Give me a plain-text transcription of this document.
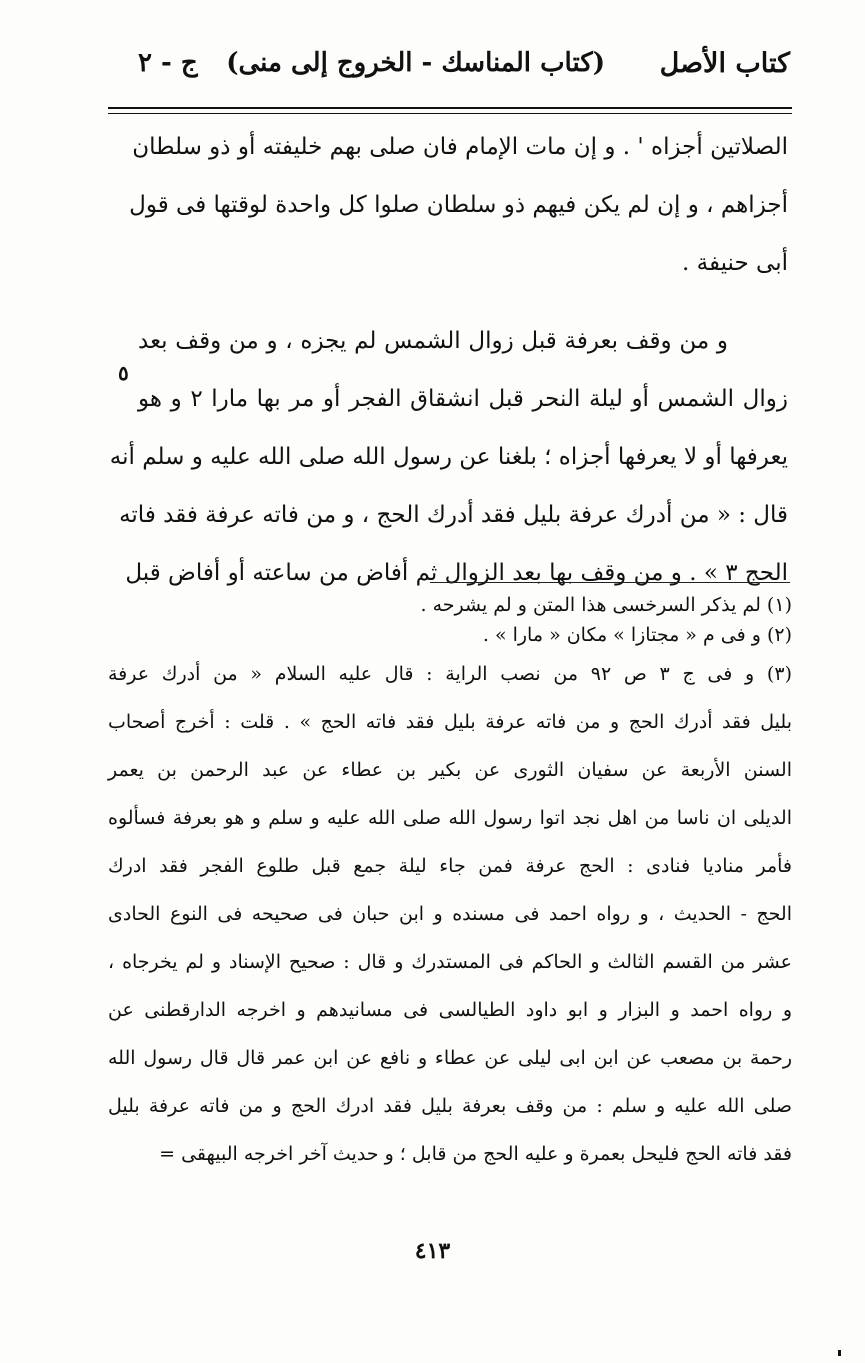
كتاب الأصل
(كتاب المناسك - الخروج إلى منى)
ج - ٢

الصلاتين أجزاه ' . و إن مات الإمام فان صلى بهم خليفته أو ذو سلطان
أجزاهم ، و إن لم يكن فيهم ذو سلطان صلوا كل واحدة لوقتها فى قول
أبى حنيفة .

و من وقف بعرفة قبل زوال الشمس لم يجزه ، و من وقف بعد
زوال الشمس أو ليلة النحر قبل انشقاق الفجر أو مر بها مارا ٢ و هو
يعرفها أو لا يعرفها أجزاه ؛ بلغنا عن رسول الله صلى الله عليه و سلم أنه
قال : « من أدرك عرفة بليل فقد أدرك الحج ، و من فاته عرفة فقد فاته
الحج ٣ » . و من وقف بها بعد الزوال ثم أفاض من ساعته أو أفاض قبل

٥
(١) لم يذكر السرخسى هذا المتن و لم يشرحه .
(٢) و فى م « مجتازا » مكان « مارا » .
(٣) و فى ج ٣ ص ٩٢ من نصب الراية : قال عليه السلام « من أدرك عرفة
بليل فقد أدرك الحج و من فاته عرفة بليل فقد فاته الحج » . قلت : أخرج أصحاب
السنن الأربعة عن سفيان الثورى عن بكير بن عطاء عن عبد الرحمن بن يعمر
الديلى ان ناسا من اهل نجد اتوا رسول الله صلى الله عليه و سلم و هو بعرفة فسألوه
فأمر مناديا فنادى : الحج عرفة فمن جاء ليلة جمع قبل طلوع الفجر فقد ادرك
الحج - الحديث ، و رواه احمد فى مسنده و ابن حبان فى صحيحه فى النوع الحادى
عشر من القسم الثالث و الحاكم فى المستدرك و قال : صحيح الإسناد و لم يخرجاه ،
و رواه احمد و البزار و ابو داود الطيالسى فى مسانيدهم و اخرجه الدارقطنى عن
رحمة بن مصعب عن ابن ابى ليلى عن عطاء و نافع عن ابن عمر قال قال رسول الله
صلى الله عليه و سلم : من وقف بعرفة بليل فقد ادرك الحج و من فاته عرفة بليل
فقد فاته الحج فليحل بعمرة و عليه الحج من قابل ؛ و حديث آخر اخرجه البيهقى =
٤١٣
